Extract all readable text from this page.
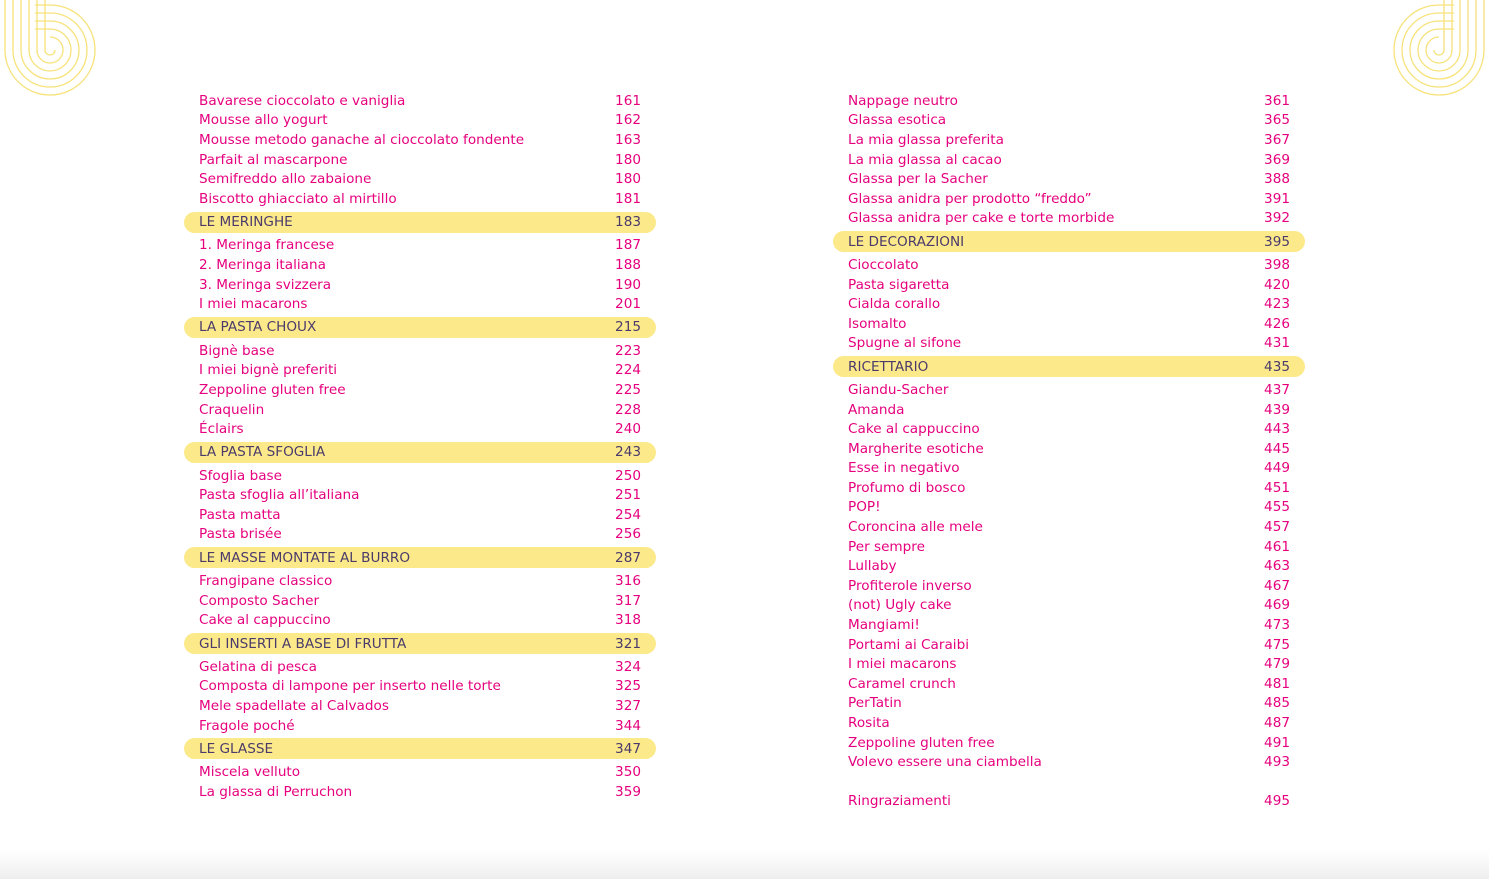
Bavarese cioccolato e vaniglia	161
Mousse allo yogurt	162
Mousse metodo ganache al cioccolato fondente	163
Parfait al mascarpone	180
Semifreddo allo zabaione	180
Biscotto ghiacciato al mirtillo	181
LE MERINGHE	183
1. Meringa francese	187
2. Meringa italiana	188
3. Meringa svizzera	190
I miei macarons	201
LA PASTA CHOUX	215
Bignè base	223
I miei bignè preferiti	224
Zeppoline gluten free	225
Craquelin	228
Éclairs	240
LA PASTA SFOGLIA	243
Sfoglia base	250
Pasta sfoglia all’italiana	251
Pasta matta	254
Pasta brisée	256
LE MASSE MONTATE AL BURRO	287
Frangipane classico	316
Composto Sacher	317
Cake al cappuccino	318
GLI INSERTI A BASE DI FRUTTA	321
Gelatina di pesca	324
Composta di lampone per inserto nelle torte	325
Mele spadellate al Calvados	327
Fragole poché	344
LE GLASSE	347
Miscela velluto	350
La glassa di Perruchon	359
Nappage neutro	361
Glassa esotica	365
La mia glassa preferita	367
La mia glassa al cacao	369
Glassa per la Sacher	388
Glassa anidra per prodotto “freddo”	391
Glassa anidra per cake e torte morbide	392
LE DECORAZIONI	395
Cioccolato	398
Pasta sigaretta	420
Cialda corallo	423
Isomalto	426
Spugne al sifone	431
RICETTARIO	435
Giandu-Sacher	437
Amanda	439
Cake al cappuccino	443
Margherite esotiche	445
Esse in negativo	449
Profumo di bosco	451
POP!	455
Coroncina alle mele	457
Per sempre	461
Lullaby	463
Profiterole inverso	467
(not) Ugly cake	469
Mangiami!	473
Portami ai Caraibi	475
I miei macarons	479
Caramel crunch	481
PerTatin	485
Rosita	487
Zeppoline gluten free	491
Volevo essere una ciambella	493
Ringraziamenti	495
